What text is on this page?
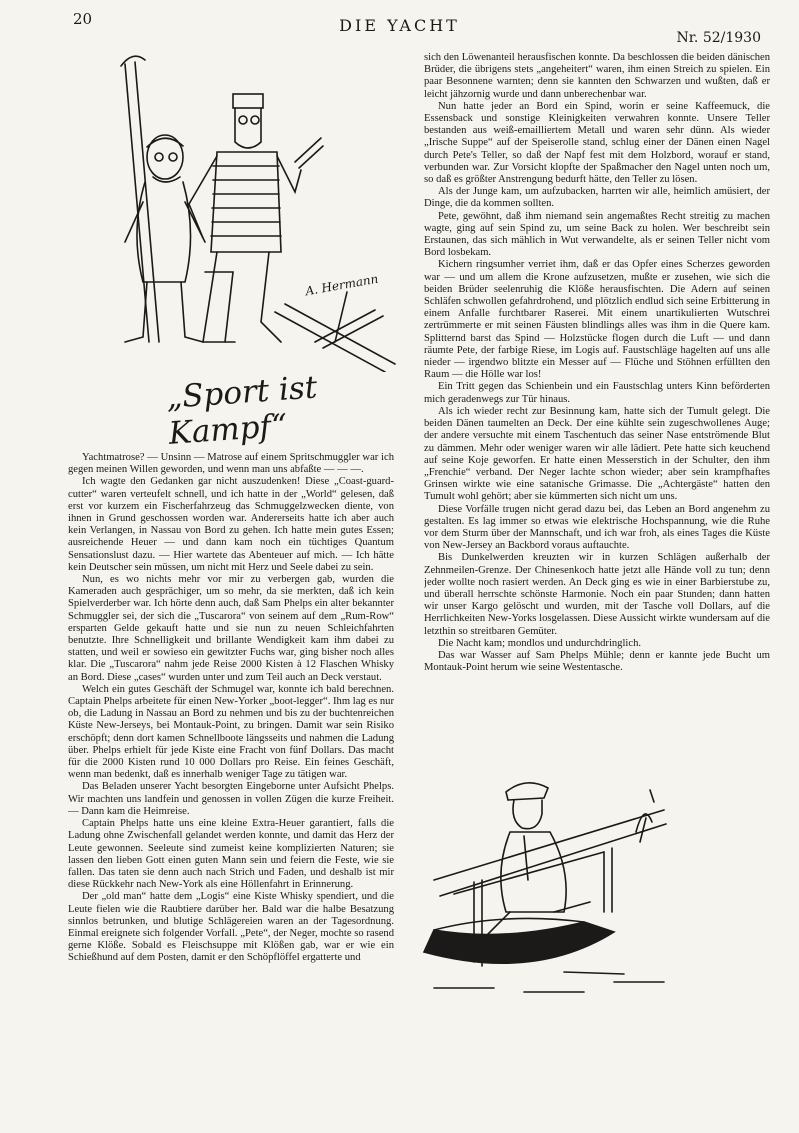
20	DIE YACHT
Nr. 52/1930
A. Hermann
„Sport ist Kampf“

Yachtmatrose? — Unsinn — Matrose auf einem Spritschmuggler war ich gegen meinen Willen geworden, und wenn man uns abfaßte — — —.

Ich wagte den Gedanken gar nicht auszudenken! Diese „Coast-guard-cutter“ waren verteufelt schnell, und ich hatte in der „World“ gelesen, daß erst vor kurzem ein Fischerfahrzeug das Schmuggelzwecken diente, von ihnen in Grund geschossen worden war. Andererseits hatte ich aber auch kein Verlangen, in Nassau von Bord zu gehen. Ich hatte mein gutes Essen; ausreichende Heuer — und dann kam noch ein tüchtiges Quantum Sensationslust dazu. — Hier wartete das Abenteuer auf mich. — Ich hätte kein Deutscher sein müssen, um nicht mit Herz und Seele dabei zu sein.

Nun, es wo nichts mehr vor mir zu verbergen gab, wurden die Kameraden auch gesprächiger, um so mehr, da sie merkten, daß ich kein Spielverderber war. Ich hörte denn auch, daß Sam Phelps ein alter bekannter Schmuggler sei, der sich die „Tuscarora“ von seinem auf dem „Rum-Row“ ersparten Gelde gekauft hatte und sie nun zu neuen Schleichfahrten benutzte. Ihre Schnelligkeit und brillante Wendigkeit kam ihm dabei zu statten, und weil er sowieso ein gewitzter Fuchs war, ging bisher noch alles klar. Die „Tuscarora“ nahm jede Reise 2000 Kisten à 12 Flaschen Whisky an Bord. Diese „cases“ wurden unter und zum Teil auch an Deck verstaut.

Welch ein gutes Geschäft der Schmugel war, konnte ich bald berechnen. Captain Phelps arbeitete für einen New-Yorker „boot-legger“. Ihm lag es nur ob, die Ladung in Nassau an Bord zu nehmen und bis zu der buchtenreichen Küste New-Jerseys, bei Montauk-Point, zu bringen. Damit war sein Risiko erschöpft; denn dort kamen Schnellboote längsseits und nahmen die Ladung über. Phelps erhielt für jede Kiste eine Fracht von fünf Dollars. Das macht für die 2000 Kisten rund 10 000 Dollars pro Reise. Ein feines Geschäft, wenn man bedenkt, daß es innerhalb weniger Tage zu tätigen war.

Das Beladen unserer Yacht besorgten Eingeborne unter Aufsicht Phelps. Wir machten uns landfein und genossen in vollen Zügen die kurze Freiheit. — Dann kam die Heimreise.

Captain Phelps hatte uns eine kleine Extra-Heuer garantiert, falls die Ladung ohne Zwischenfall gelandet werden konnte, und damit das Herz der Leute gewonnen. Seeleute sind zumeist keine komplizierten Naturen; sie lassen den lieben Gott einen guten Mann sein und feiern die Feste, wie sie fallen. Das taten sie denn auch nach Strich und Faden, und deshalb ist mir diese Rückkehr nach New-York als eine Höllenfahrt in Erinnerung.

Der „old man“ hatte dem „Logis“ eine Kiste Whisky spendiert, und die Leute fielen wie die Raubtiere darüber her. Bald war die halbe Besatzung sinnlos betrunken, und blutige Schlägereien waren an der Tagesordnung. Einmal ereignete sich folgender Vorfall. „Pete“, der Neger, mochte so rasend gerne Klöße. Sobald es Fleischsuppe mit Klößen gab, war er wie ein Schießhund auf dem Posten, damit er den Schöpflöffel ergatterte und

sich den Löwenanteil herausfischen konnte. Da beschlossen die beiden dänischen Brüder, die übrigens stets „angeheitert“ waren, ihm einen Streich zu spielen. Ein paar Besonnene warnten; denn sie kannten den Schwarzen und wußten, daß er leicht jähzornig wurde und dann unberechenbar war.

Nun hatte jeder an Bord ein Spind, worin er seine Kaffeemuck, die Essensback und sonstige Kleinigkeiten verwahren konnte. Unsere Teller bestanden aus weiß-emailliertem Metall und waren sehr dünn. Als wieder „Irische Suppe“ auf der Speiserolle stand, schlug einer der Dänen einen Nagel durch Pete's Teller, so daß der Napf fest mit dem Holzbord, worauf er stand, verbunden war. Zur Vorsicht klopfte der Spaßmacher den Nagel unten noch um, so daß es größter Anstrengung bedurft hätte, den Teller zu lösen.

Als der Junge kam, um aufzubacken, harrten wir alle, heimlich amüsiert, der Dinge, die da kommen sollten.

Pete, gewöhnt, daß ihm niemand sein angemaßtes Recht streitig zu machen wagte, ging auf sein Spind zu, um seine Back zu holen. Wer beschreibt sein Erstaunen, das sich mählich in Wut verwandelte, als er seinen Teller nicht vom Bord losbekam.

Kichern ringsumher verriet ihm, daß er das Opfer eines Scherzes geworden war — und um allem die Krone aufzusetzen, mußte er zusehen, wie sich die beiden Brüder seelenruhig die Klöße herausfischten. Die Adern auf seinen Schläfen schwollen gefahrdrohend, und plötzlich endlud sich seine Erbitterung in einem Anfalle furchtbarer Raserei. Mit einem unartikulierten Wutschrei zertrümmerte er mit seinen Fäusten blindlings alles was ihm in die Quere kam. Splitternd barst das Spind — Holzstücke flogen durch die Luft — und dann räumte Pete, der farbige Riese, im Logis auf. Faustschläge hagelten auf uns alle nieder — irgendwo blitzte ein Messer auf — Flüche und Stöhnen erfüllten den Raum — die Hölle war los!

Ein Tritt gegen das Schienbein und ein Faustschlag unters Kinn beförderten mich geradenwegs zur Tür hinaus.

Als ich wieder recht zur Besinnung kam, hatte sich der Tumult gelegt. Die beiden Dänen taumelten an Deck. Der eine kühlte sein zugeschwollenes Auge; der andere versuchte mit einem Taschentuch das seiner Nase entströmende Blut zu dämmen. Mehr oder weniger waren wir alle lädiert. Pete hatte sich keuchend auf seine Koje geworfen. Er hatte einen Messerstich in der Schulter, den ihm „Frenchie“ verband. Der Neger lachte schon wieder; aber sein krampfhaftes Grinsen wirkte wie eine satanische Grimasse. Die „Achtergäste“ hatten den Tumult wohl gehört; aber sie kümmerten sich nicht um uns.

Diese Vorfälle trugen nicht gerad dazu bei, das Leben an Bord angenehm zu gestalten. Es lag immer so etwas wie elektrische Hochspannung, wie die Ruhe vor dem Sturm über der Mannschaft, und ich war froh, als eines Tages die Küste von New-Jersey an Backbord voraus auftauchte.

Bis Dunkelwerden kreuzten wir in kurzen Schlägen außerhalb der Zehnmeilen-Grenze. Der Chinesenkoch hatte jetzt alle Hände voll zu tun; denn jeder wollte noch rasiert werden. An Deck ging es wie in einer Barbierstube zu, und überall herrschte schönste Harmonie. Noch ein paar Stunden; dann hatten wir unser Kargo gelöscht und wurden, mit der Tasche voll Dollars, auf die Herrlichkeiten New-Yorks losgelassen. Diese Aussicht wirkte wundersam auf die letzthin so streitbaren Gemüter.

Die Nacht kam; mondlos und undurchdringlich.

Das war Wasser auf Sam Phelps Mühle; denn er kannte jede Bucht um Montauk-Point herum wie seine Westentasche.
